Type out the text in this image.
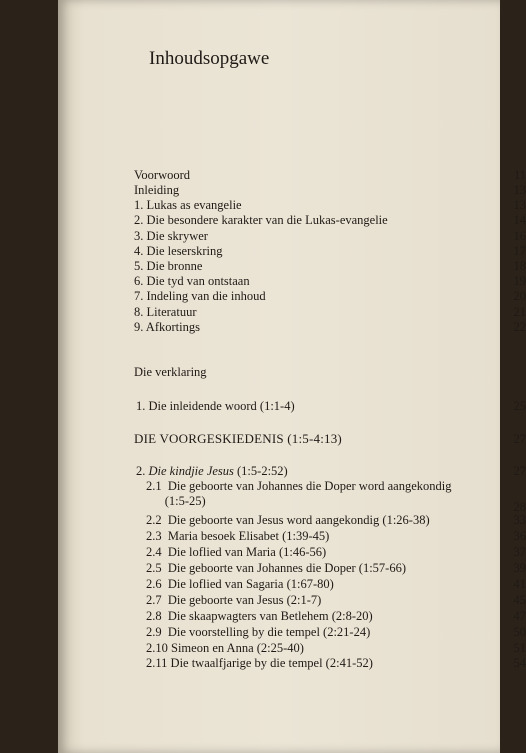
Inhoudsopgawe
Voorwoord	11
Inleiding	13
1. Lukas as evangelie	13
2. Die besondere karakter van die Lukas-evangelie	14
3. Die skrywer	16
4. Die leserskring	17
5. Die bronne	18
6. Die tyd van ontstaan	19
7. Indeling van die inhoud	20
8. Literatuur	21
9. Afkortings	22
Die verklaring
1. Die inleidende woord (1:1-4)	25
DIE VOORGESKIEDENIS (1:5-4:13)	27
2. Die kindjie Jesus (1:5-2:52)	27
2.1  Die geboorte van Johannes die Doper word aangekondig
(1:5-25)	28
2.2  Die geboorte van Jesus word aangekondig (1:26-38)	33
2.3  Maria besoek Elisabet (1:39-45)	36
2.4  Die loflied van Maria (1:46-56)	37
2.5  Die geboorte van Johannes die Doper (1:57-66)	39
2.6  Die loflied van Sagaria (1:67-80)	41
2.7  Die geboorte van Jesus (2:1-7)	45
2.8  Die skaapwagters van Betlehem (2:8-20)	47
2.9  Die voorstelling by die tempel (2:21-24)	50
2.10 Simeon en Anna (2:25-40)	51
2.11 Die twaalfjarige by die tempel (2:41-52)	54
